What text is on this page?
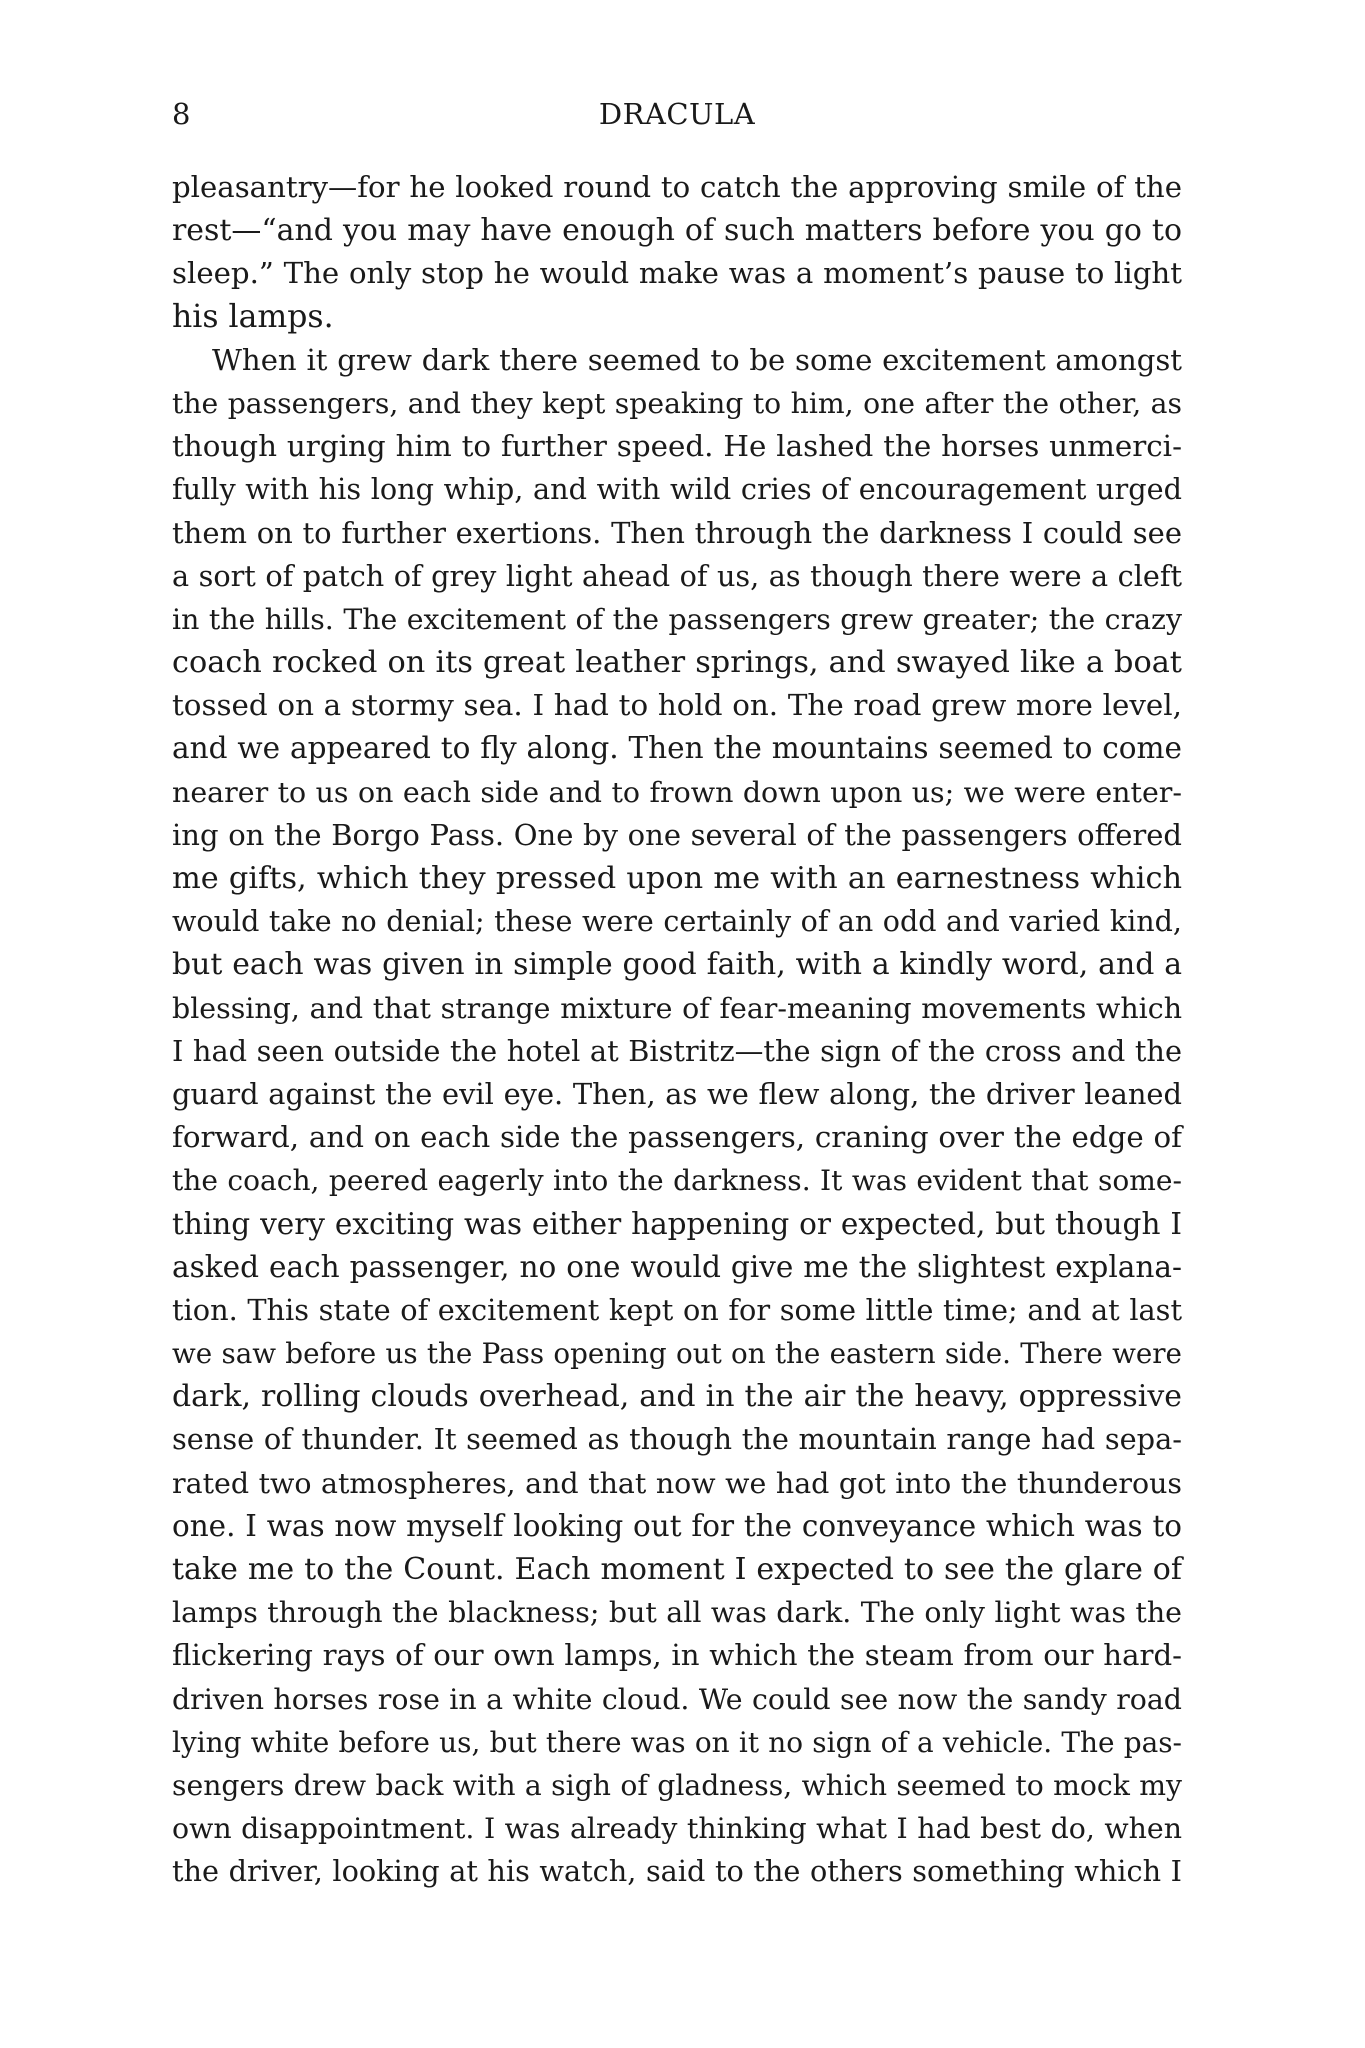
8	DRACULA
pleasantry—for he looked round to catch the approving smile of the
rest—“and you may have enough of such matters before you go to
sleep.” The only stop he would make was a moment’s pause to light
his lamps.
When it grew dark there seemed to be some excitement amongst
the passengers, and they kept speaking to him, one after the other, as
though urging him to further speed. He lashed the horses unmerci-
fully with his long whip, and with wild cries of encouragement urged
them on to further exertions. Then through the darkness I could see
a sort of patch of grey light ahead of us, as though there were a cleft
in the hills. The excitement of the passengers grew greater; the crazy
coach rocked on its great leather springs, and swayed like a boat
tossed on a stormy sea. I had to hold on. The road grew more level,
and we appeared to fly along. Then the mountains seemed to come
nearer to us on each side and to frown down upon us; we were enter-
ing on the Borgo Pass. One by one several of the passengers offered
me gifts, which they pressed upon me with an earnestness which
would take no denial; these were certainly of an odd and varied kind,
but each was given in simple good faith, with a kindly word, and a
blessing, and that strange mixture of fear-meaning movements which
I had seen outside the hotel at Bistritz—the sign of the cross and the
guard against the evil eye. Then, as we flew along, the driver leaned
forward, and on each side the passengers, craning over the edge of
the coach, peered eagerly into the darkness. It was evident that some-
thing very exciting was either happening or expected, but though I
asked each passenger, no one would give me the slightest explana-
tion. This state of excitement kept on for some little time; and at last
we saw before us the Pass opening out on the eastern side. There were
dark, rolling clouds overhead, and in the air the heavy, oppressive
sense of thunder. It seemed as though the mountain range had sepa-
rated two atmospheres, and that now we had got into the thunderous
one. I was now myself looking out for the conveyance which was to
take me to the Count. Each moment I expected to see the glare of
lamps through the blackness; but all was dark. The only light was the
flickering rays of our own lamps, in which the steam from our hard-
driven horses rose in a white cloud. We could see now the sandy road
lying white before us, but there was on it no sign of a vehicle. The pas-
sengers drew back with a sigh of gladness, which seemed to mock my
own disappointment. I was already thinking what I had best do, when
the driver, looking at his watch, said to the others something which I
